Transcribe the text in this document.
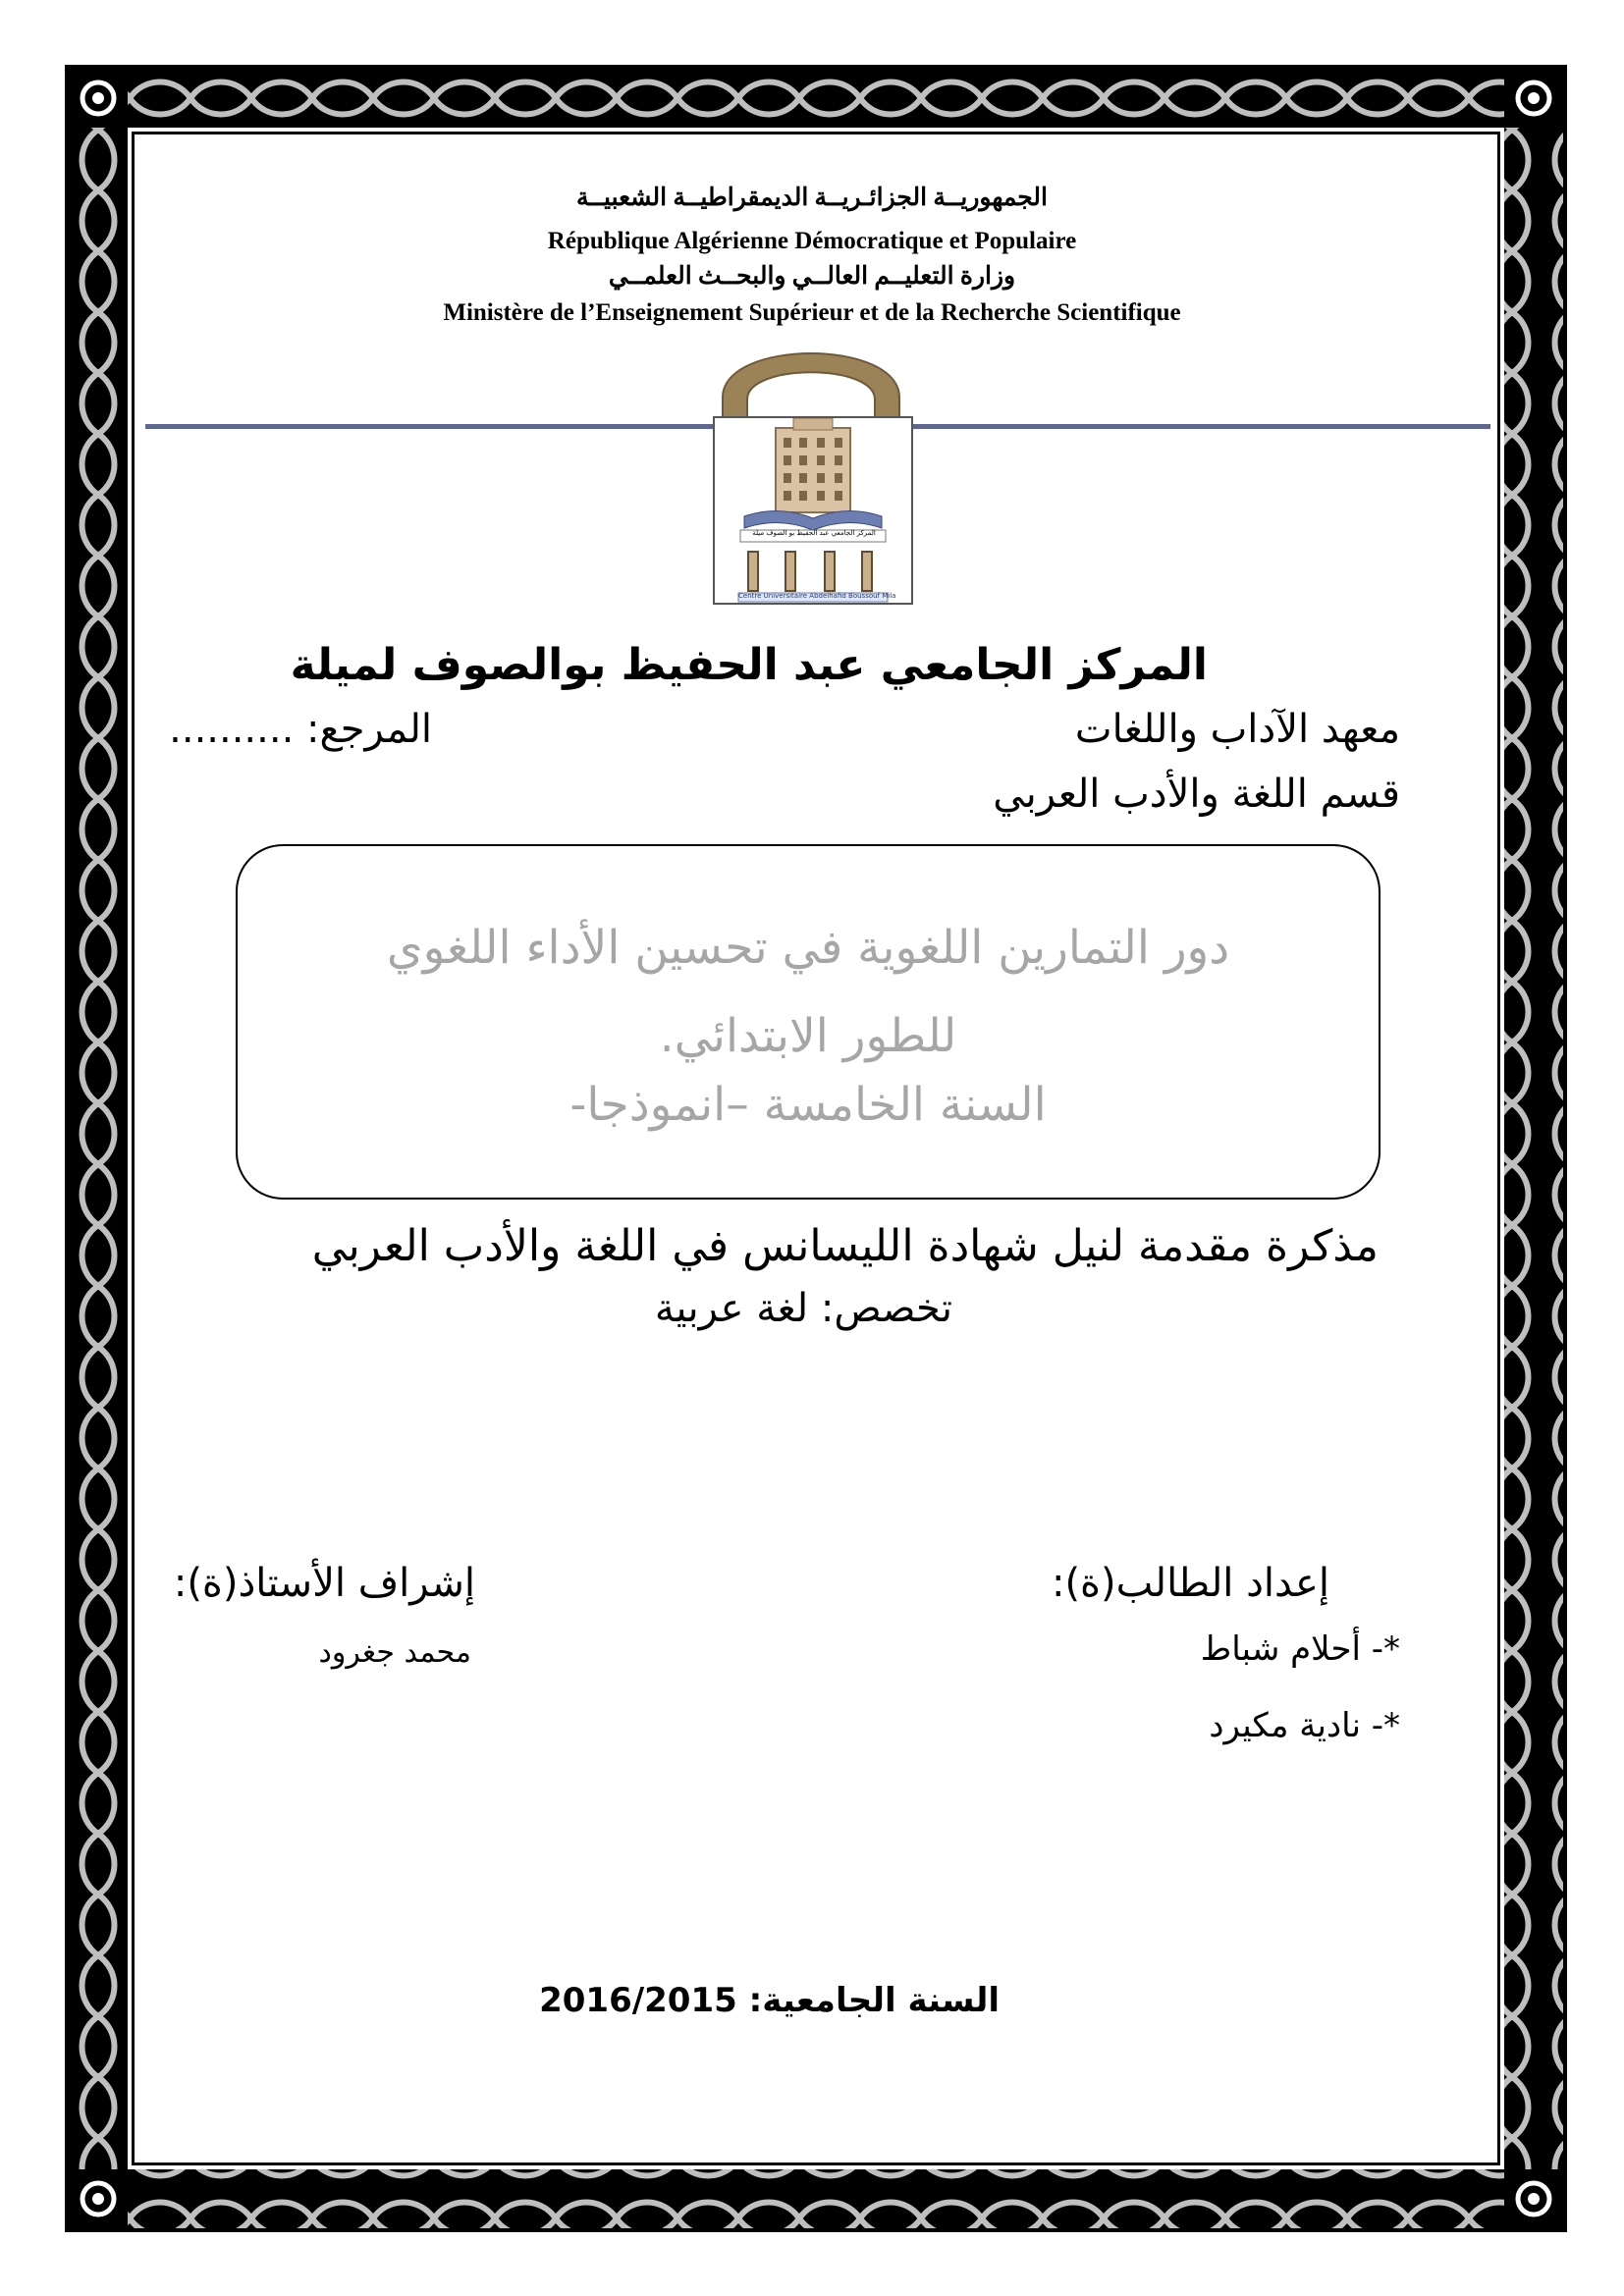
الجمهوريــة الجزائـريــة الديمقراطيــة الشعبيــة
République Algérienne Démocratique et Populaire
وزارة التعليــم العالــي والبحــث العلمــي
Ministère de l’Enseignement Supérieur et de la Recherche Scientifique
المركز الجامعي عبد الحفيظ بو الصوف ميلة
Centre Universitaire Abdelhafid Boussouf Mila
المركز الجامعي عبد الحفيظ بوالصوف لميلة
معهد الآداب واللغات
المرجع: ..........
قسم اللغة والأدب العربي
دور التمارين اللغوية في تحسين الأداء اللغوي
للطور الابتدائي.
السنة الخامسة –انموذجا-
مذكرة مقدمة لنيل شهادة الليسانس في اللغة والأدب العربي
تخصص: لغة عربية
إعداد الطالب(ة):
إشراف الأستاذ(ة):
*- أحلام شباط
محمد جغرود
*- نادية مكيرد
السنة الجامعية: 2016/2015
